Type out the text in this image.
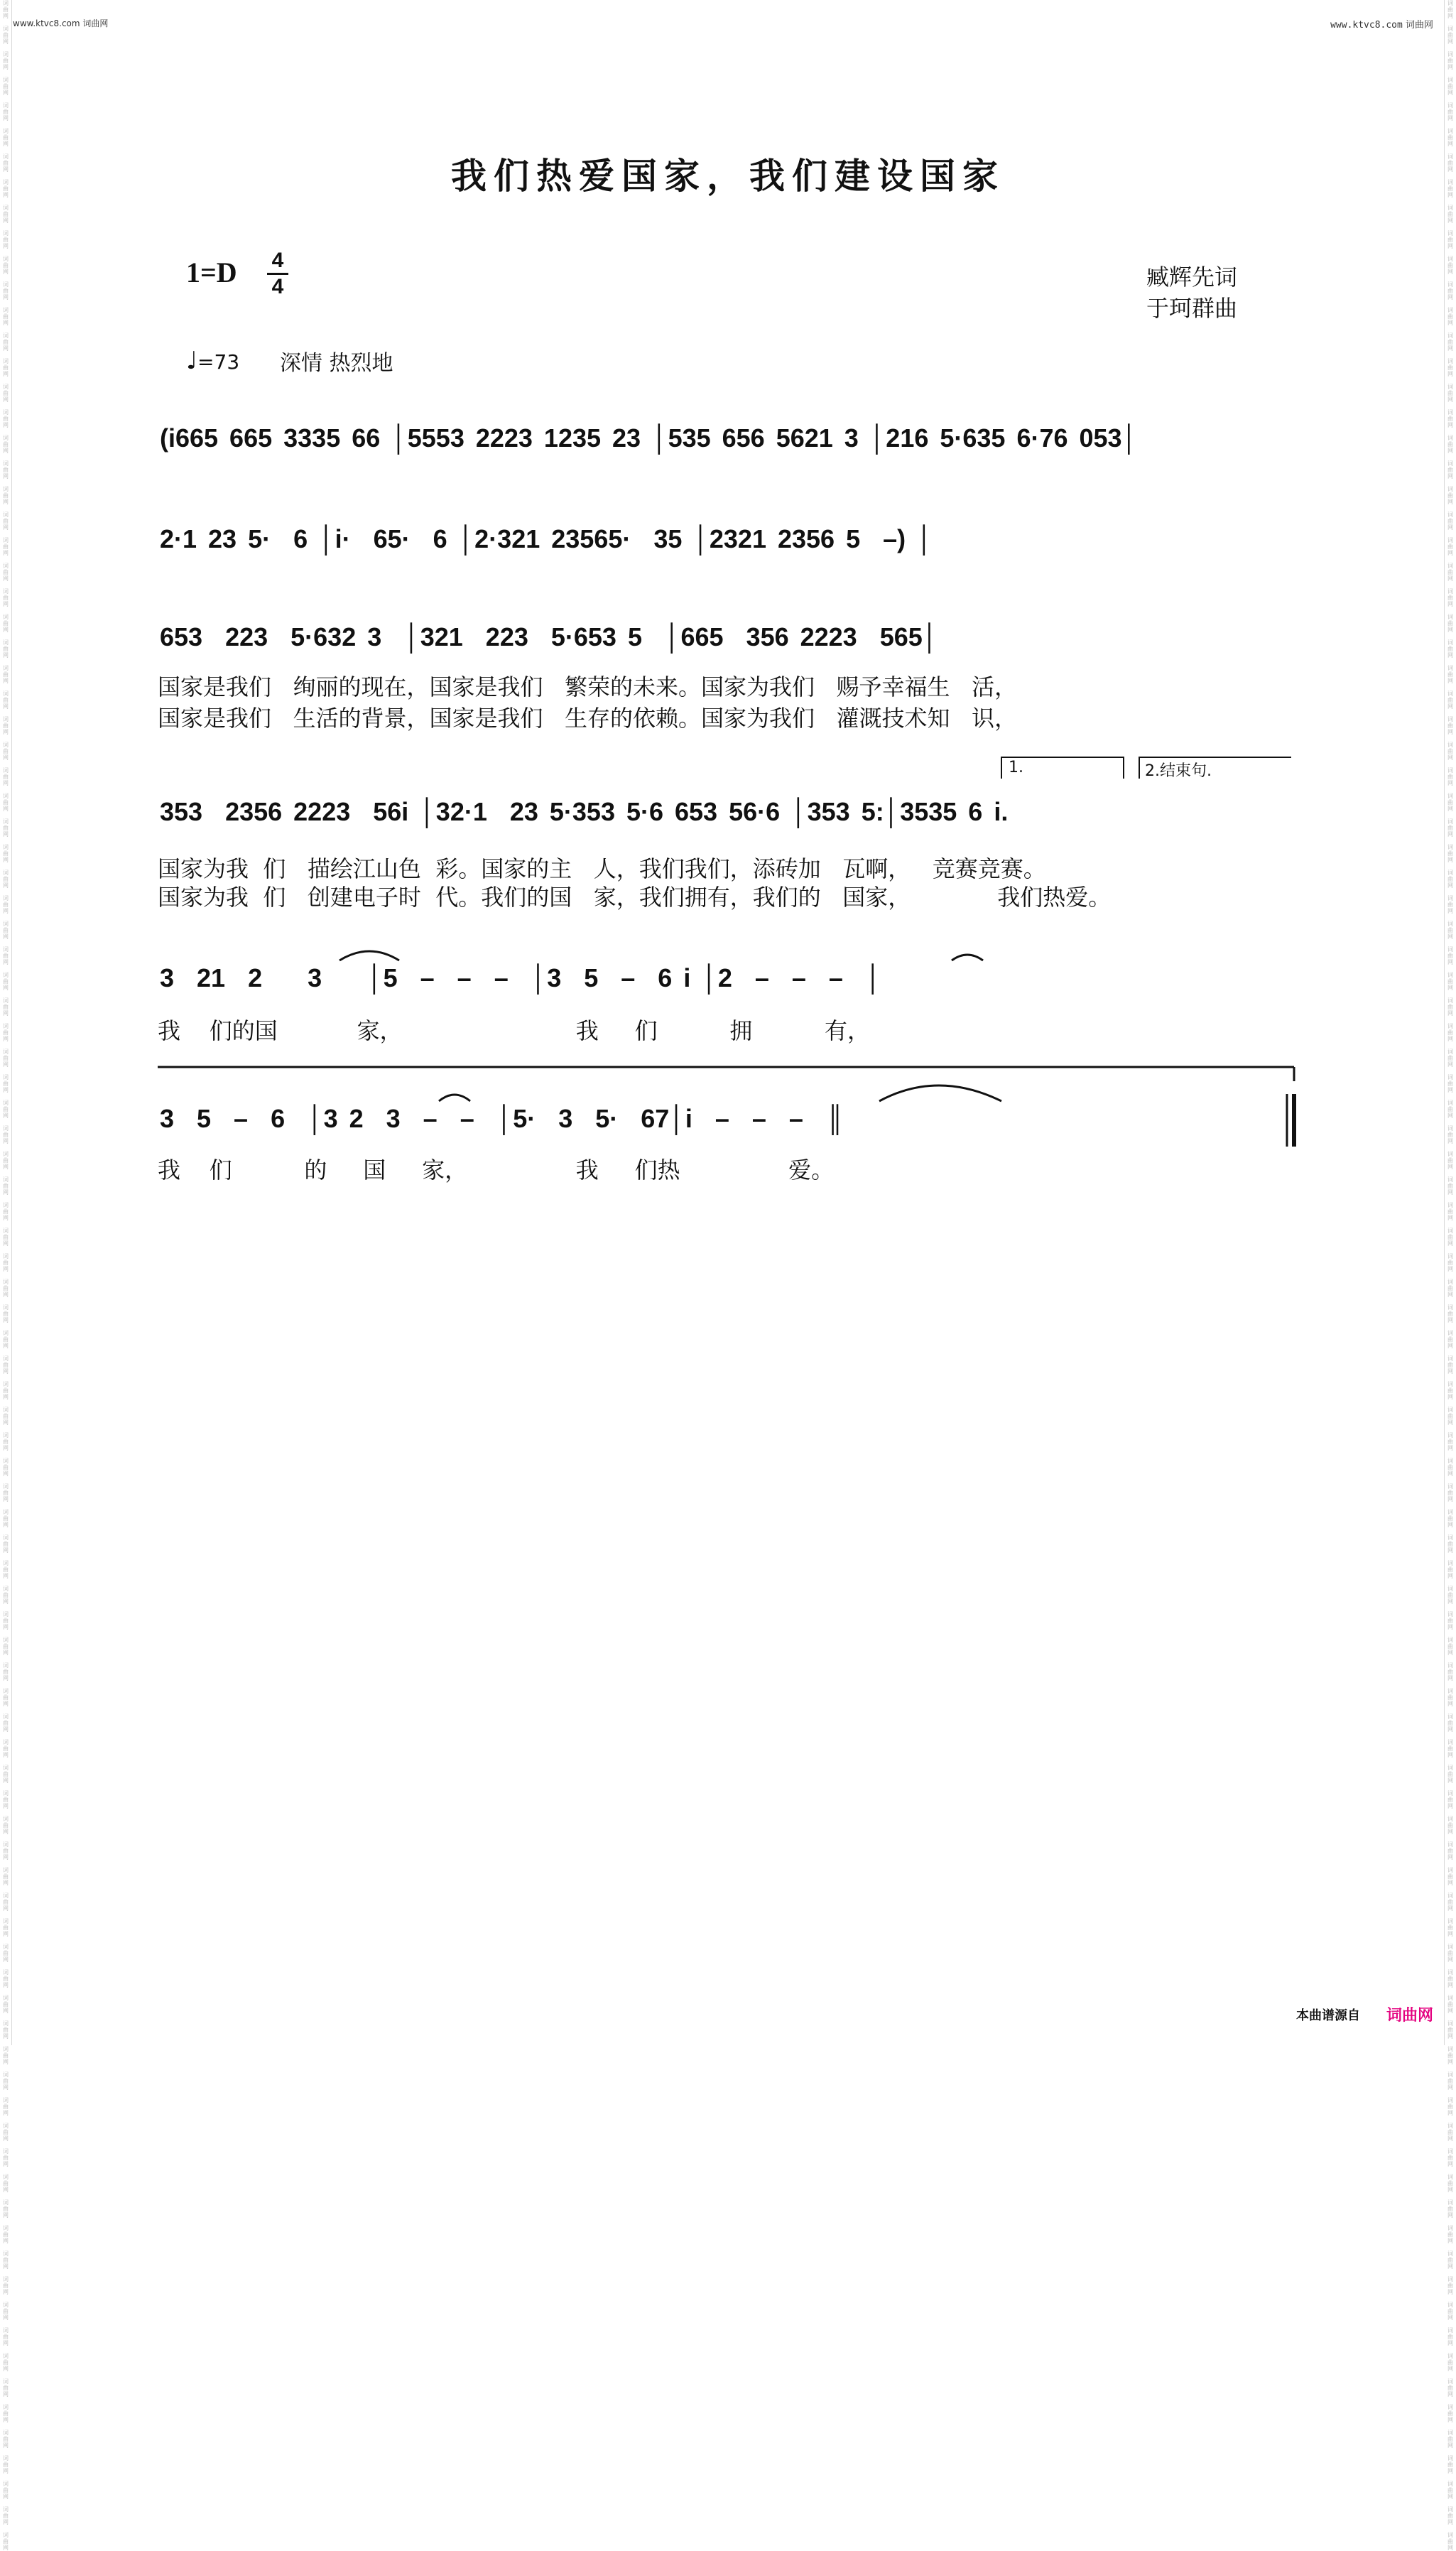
词
曲
网

词
曲
网

词
曲
网

词
曲
网

词
曲
网

词
曲
网

词
曲
网

词
曲
网

词
曲
网

词
曲
网

词
曲
网

词
曲
网

词
曲
网

词
曲
网

词
曲
网

词
曲
网

词
曲
网

词
曲
网

词
曲
网

词
曲
网

词
曲
网

词
曲
网

词
曲
网

词
曲
网

词
曲
网

词
曲
网

词
曲
网

词
曲
网

词
曲
网

词
曲
网

词
曲
网

词
曲
网

词
曲
网

词
曲
网

词
曲
网

词
曲
网

词
曲
网

词
曲
网

词
曲
网

词
曲
网

词
曲
网

词
曲
网

词
曲
网

词
曲
网

词
曲
网

词
曲
网

词
曲
网

词
曲
网

词
曲
网

词
曲
网

词
曲
网

词
曲
网

词
曲
网

词
曲
网

词
曲
网

词
曲
网

词
曲
网

词
曲
网

词
曲
网

词
曲
网

词
曲
网

词
曲
网

词
曲
网

词
曲
网

词
曲
网

词
曲
网

词
曲
网

词
曲
网

词
曲
网

词
曲
网

词
曲
网

词
曲
网

词
曲
网

词
曲
网

词
曲
网

词
曲
网

词
曲
网

词
曲
网

词
曲
网

词
曲
网

词
曲
网

词
曲
网

词
曲
网

词
曲
网

词
曲
网

词
曲
网

词
曲
网

词
曲
网

词
曲
网

词
曲
网

词
曲
网

词
曲
网

词
曲
网

词
曲
网

词
曲
网

词
曲
网

词
曲
网

词
曲
网

词
曲
网

词
曲
网

词
曲
网

词
曲
网

词
曲
网

词
曲
网

词
曲
网

词
曲
网

词
曲
网

词
曲
网

词
曲
网

词
曲
网

词
曲
网

词
曲
网

词
曲
网

词
曲
网

词
曲
网

词
曲
网

词
曲
网

词
曲
网

词
曲
网

词
曲
网

词
曲
网

词
曲
网

词
曲
网

词
曲
网

词
曲
网

词
曲
网

词
曲
网

词
曲
网

词
曲
网

词
曲
网

词
曲
网

词
曲
网

词
曲
网

词
曲
网

词
曲
网

词
曲
网

词
曲
网

词
曲
网

词
曲
网

词
曲
网

词
曲
网

词
曲
网

词
曲
网

词
曲
网

词
曲
网

词
曲
网

词
曲
网

词
曲
网

词
曲
网

词
曲
网

词
曲
网

词
曲
网

词
曲
网

词
曲
网

词
曲
网

词
曲
网

词
曲
网

词
曲
网

词
曲
网

词
曲
网

词
曲
网

词
曲
网

词
曲
网

词
曲
网

词
曲
网

词
曲
网

词
曲
网

词
曲
网

词
曲
网

词
曲
网

词
曲
网

词
曲
网

词
曲
网

词
曲
网

词
曲
网

词
曲
网

词
曲
网

词
曲
网

词
曲
网

词
曲
网

词
曲
网

词
曲
网

词
曲
网

词
曲
网

词
曲
网

词
曲
网

词
曲
网

词
曲
网

词
曲
网

词
曲
网

词
曲
网

词
曲
网

词
曲
网

词
曲
网

词
曲
网

词
曲
网

词
曲
网

词
曲
网

词
曲
网

词
曲
网

www.ktvc8.com 词曲网	www.ktvc8.com 词曲网
我们热爱国家，我们建设国家
1=D 4
4	臧辉先词
于珂群曲
♩=73 深情 热烈地
(i665 665 3335 66 │5553 2223 1235 23 │535 656 5621 3 │216 5·635 6·76 053│
2·1 23 5·  6 │i·  65·  6 │2·321 23565·  35 │2321 2356 5  –) │
653  223  5·632 3  │321  223  5·653 5  │665  356 2223  565│
国家是我们   绚丽的现在，国家是我们   繁荣的未来。国家为我们   赐予幸福生   活，
国家是我们   生活的背景，国家是我们   生存的依赖。国家为我们   灌溉技术知   识，
1.	2.结束句.
353  2356 2223  56i │32·1  23 5·353 5·6 653 56·6 │353 5:│3535 6 i.
国家为我  们   描绘江山色  彩。国家的主   人，我们我们，添砖加   瓦啊，   竞赛竞赛。
国家为我  们   创建电子时  代。我们的国   家，我们拥有，我们的   国家，            我们热爱。
3  21  2    3    │5  –  –  –  │3  5  –  6 i │2  –  –  –  │
我    们的国           家，                        我     们          拥          有，
3  5  –  6  │3 2  3  –  –  │5·  3  5·  67│i  –  –  –  ║
我    们          的     国     家，               我     们热               爱。
本曲谱源自 词曲网
